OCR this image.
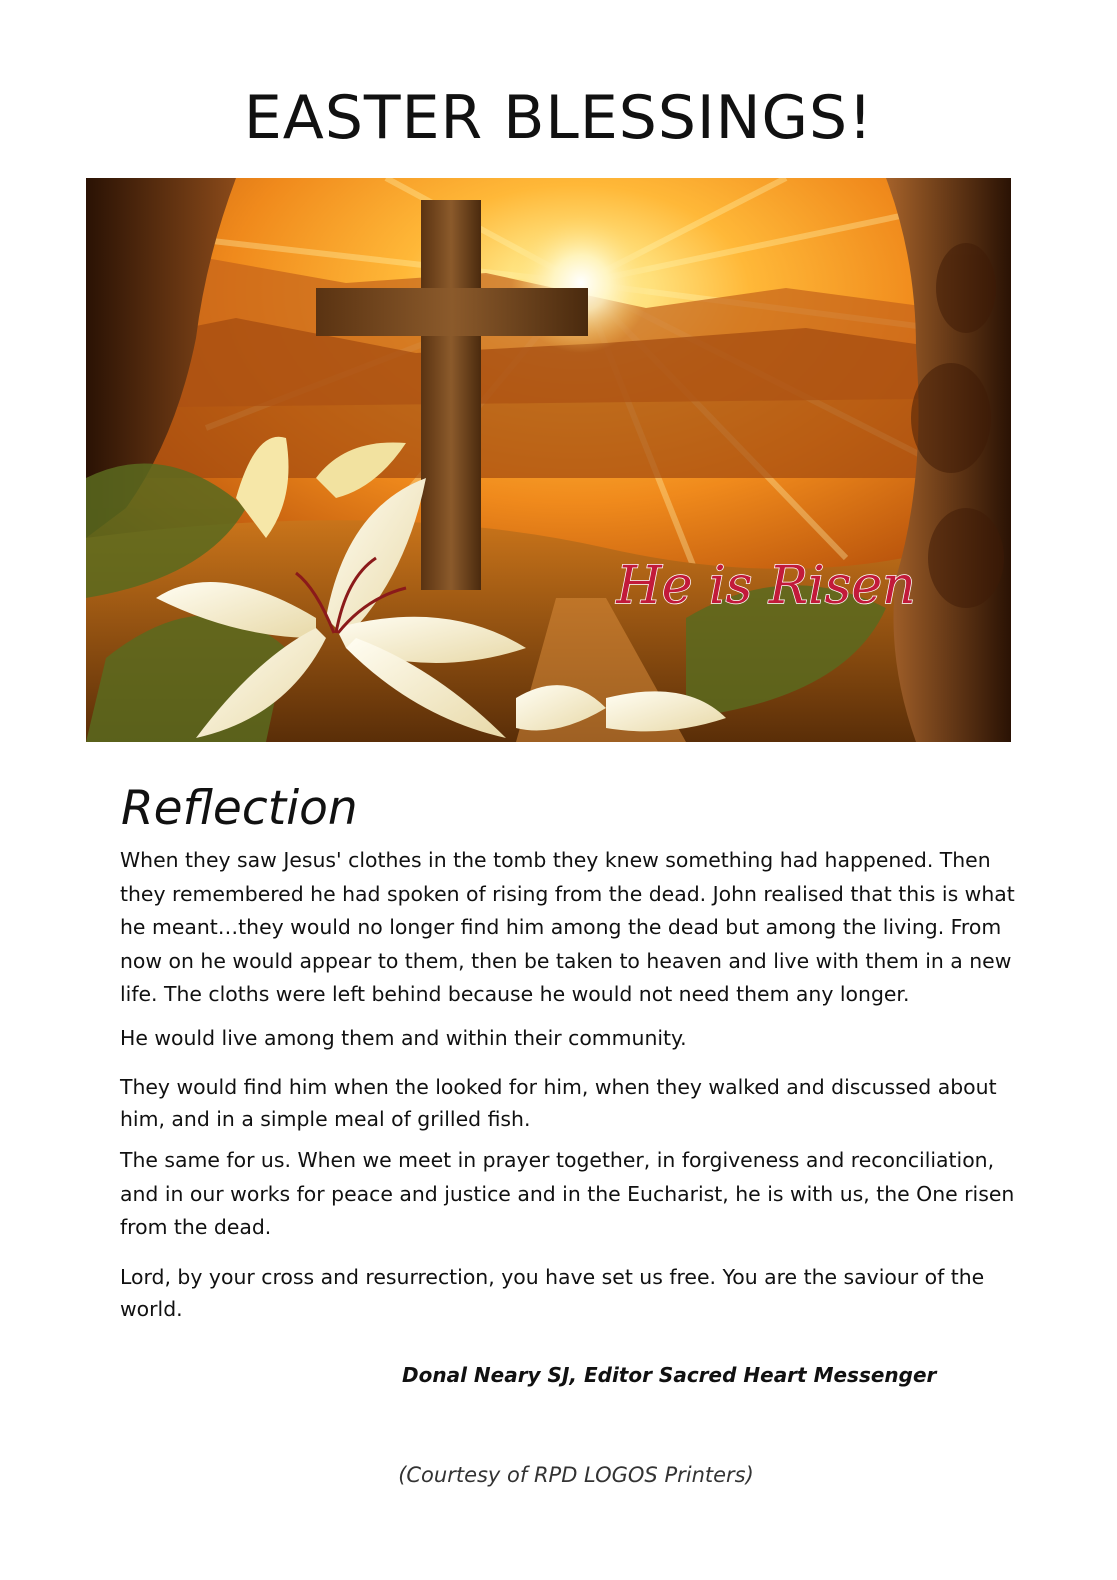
EASTER BLESSINGS!
He is Risen
Reflection

When they saw Jesus' clothes in the tomb they knew something had happened. Then they remembered he had spoken of rising from the dead. John realised that this is what he meant…they would no longer find him among the dead but among the living. From now on he would appear to them, then be taken to heaven and live with them in a new life. The cloths were left behind because he would not need them any longer.

He would live among them and within their community.

They would find him when the looked for him, when they walked and discussed about him, and in a simple meal of grilled fish.

The same for us. When we meet in prayer together, in forgiveness and reconciliation, and in our works for peace and justice and in the Eucharist, he is with us, the One risen from the dead.

Lord, by your cross and resurrection, you have set us free. You are the saviour of the world.

Donal Neary SJ, Editor Sacred Heart Messenger
(Courtesy of RPD LOGOS Printers)
